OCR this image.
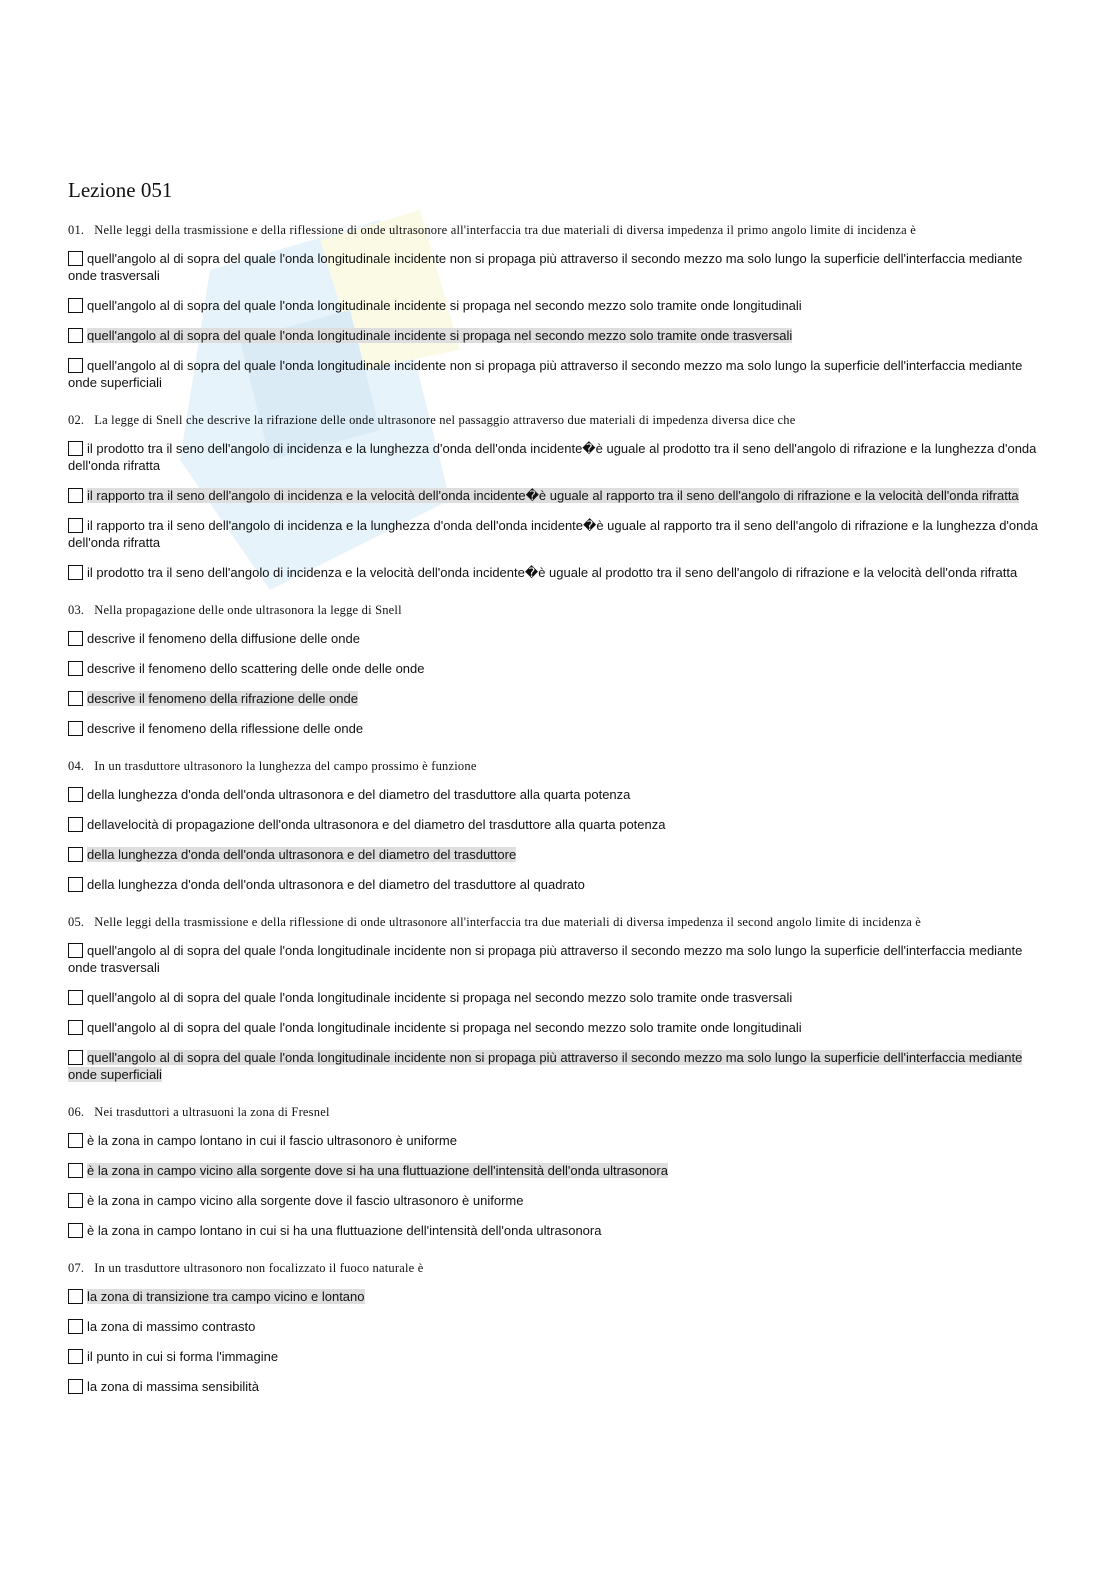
Lezione 051
01. Nelle leggi della trasmissione e della riflessione di onde ultrasonore all'interfaccia tra due materiali di diversa impedenza il primo angolo limite di incidenza è
quell'angolo al di sopra del quale l'onda longitudinale incidente non si propaga più attraverso il secondo mezzo ma solo lungo la superficie dell'interfaccia mediante onde trasversali
quell'angolo al di sopra del quale l'onda longitudinale incidente si propaga nel secondo mezzo solo tramite onde longitudinali
quell'angolo al di sopra del quale l'onda longitudinale incidente si propaga nel secondo mezzo solo tramite onde trasversali
quell'angolo al di sopra del quale l'onda longitudinale incidente non si propaga più attraverso il secondo mezzo ma solo lungo la superficie dell'interfaccia mediante onde superficiali
02. La legge di Snell che descrive la rifrazione delle onde ultrasonore nel passaggio attraverso due materiali di impedenza diversa dice che
il prodotto tra il seno dell'angolo di incidenza e la lunghezza d'onda dell'onda incidente�è uguale al prodotto tra il seno dell'angolo di rifrazione e la lunghezza d'onda dell'onda rifratta
il rapporto tra il seno dell'angolo di incidenza e la velocità dell'onda incidente�è uguale al rapporto tra il seno dell'angolo di rifrazione e la velocità dell'onda rifratta
il rapporto tra il seno dell'angolo di incidenza e la lunghezza d'onda dell'onda incidente�è uguale al rapporto tra il seno dell'angolo di rifrazione e la lunghezza d'onda dell'onda rifratta
il prodotto tra il seno dell'angolo di incidenza e la velocità dell'onda incidente�è uguale al prodotto tra il seno dell'angolo di rifrazione e la velocità dell'onda rifratta
03. Nella propagazione delle onde ultrasonora la legge di Snell
descrive il fenomeno della diffusione delle onde
descrive il fenomeno dello scattering delle onde delle onde
descrive il fenomeno della rifrazione delle onde
descrive il fenomeno della riflessione delle onde
04. In un trasduttore ultrasonoro la lunghezza del campo prossimo è funzione
della lunghezza d'onda dell'onda ultrasonora e del diametro del trasduttore alla quarta potenza
dellavelocità di propagazione dell'onda ultrasonora e del diametro del trasduttore alla quarta potenza
della lunghezza d'onda dell'onda ultrasonora e del diametro del trasduttore
della lunghezza d'onda dell'onda ultrasonora e del diametro del trasduttore al quadrato
05. Nelle leggi della trasmissione e della riflessione di onde ultrasonore all'interfaccia tra due materiali di diversa impedenza il second angolo limite di incidenza è
quell'angolo al di sopra del quale l'onda longitudinale incidente non si propaga più attraverso il secondo mezzo ma solo lungo la superficie dell'interfaccia mediante onde trasversali
quell'angolo al di sopra del quale l'onda longitudinale incidente si propaga nel secondo mezzo solo tramite onde trasversali
quell'angolo al di sopra del quale l'onda longitudinale incidente si propaga nel secondo mezzo solo tramite onde longitudinali
quell'angolo al di sopra del quale l'onda longitudinale incidente non si propaga più attraverso il secondo mezzo ma solo lungo la superficie dell'interfaccia mediante onde superficiali
06. Nei trasduttori a ultrasuoni la zona di Fresnel
è la zona in campo lontano in cui il fascio ultrasonoro è uniforme
è la zona in campo vicino alla sorgente dove si ha una fluttuazione dell'intensità dell'onda ultrasonora
è la zona in campo vicino alla sorgente dove il fascio ultrasonoro è uniforme
è la zona in campo lontano in cui si ha una fluttuazione dell'intensità dell'onda ultrasonora
07. In un trasduttore ultrasonoro non focalizzato il fuoco naturale è
la zona di transizione tra campo vicino e lontano
la zona di massimo contrasto
il punto in cui si forma l'immagine
la zona di massima sensibilità
